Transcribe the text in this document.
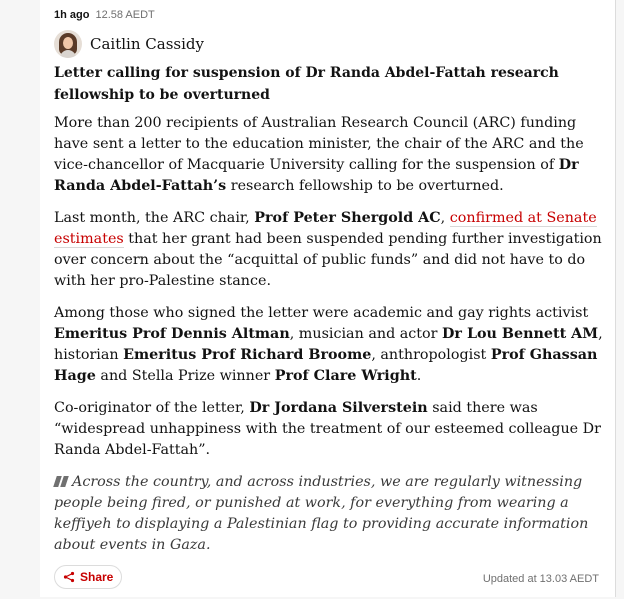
1h ago 12.58 AEDT
Caitlin Cassidy
Letter calling for suspension of Dr Randa Abdel-Fattah research fellowship to be overturned

More than 200 recipients of Australian Research Council (ARC) funding have sent a letter to the education minister, the chair of the ARC and the vice-chancellor of Macquarie University calling for the suspension of Dr Randa Abdel-Fattah’s research fellowship to be overturned.

Last month, the ARC chair, Prof Peter Shergold AC, confirmed at Senate estimates that her grant had been suspended pending further investigation over concern about the “acquittal of public funds” and did not have to do with her pro-Palestine stance.

Among those who signed the letter were academic and gay rights activist Emeritus Prof Dennis Altman, musician and actor Dr Lou Bennett AM, historian Emeritus Prof Richard Broome, anthropologist Prof Ghassan Hage and Stella Prize winner Prof Clare Wright.

Co-originator of the letter, Dr Jordana Silverstein said there was “widespread unhappiness with the treatment of our esteemed colleague Dr Randa Abdel-Fattah”.

Across the country, and across industries, we are regularly witnessing people being fired, or punished at work, for everything from wearing a keffiyeh to displaying a Palestinian flag to providing accurate information about events in Gaza.

Share	Updated at 13.03 AEDT
